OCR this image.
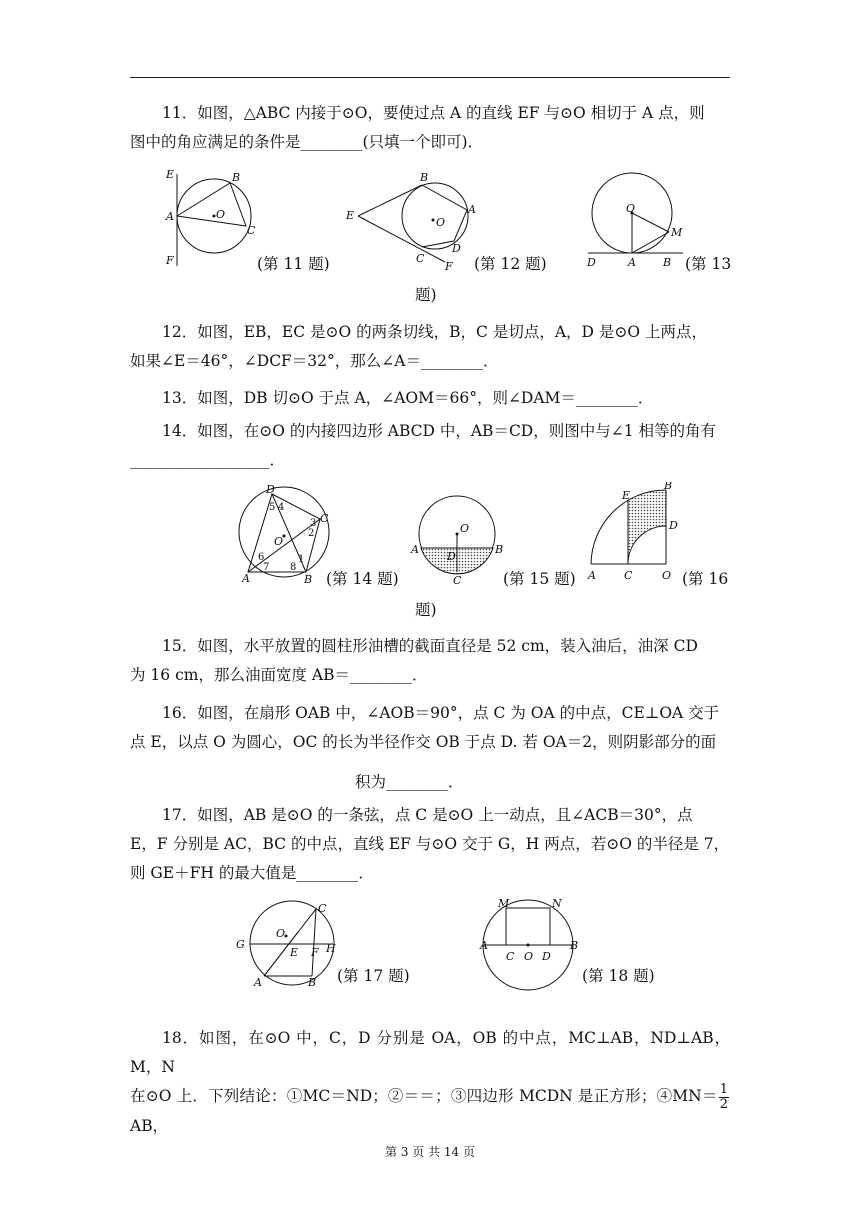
11．如图，△ABC 内接于⊙O，要使过点 A 的直线 EF 与⊙O 相切于 A 点，则
图中的角应满足的条件是________(只填一个即可)．

E	B
A	O
C
F	(第 11 题)
B
E
O
A
C
D
F (第 12 题)
O
M
D	A B (第 13
题)

12．如图，EB，EC 是⊙O 的两条切线，B，C 是切点，A，D 是⊙O 上两点，
如果∠E＝46°，∠DCF＝32°，那么∠A＝________．

13．如图，DB 切⊙O 于点 A，∠AOM＝66°，则∠DAM＝________．

14．如图，在⊙O 的内接四边形 ABCD 中，AB＝CD，则图中与∠1 相等的角有
__________________．

D
C
O
A	B
1
2
3
4
5
6
7 8
(第 14 题)
O
A
D
B
C	(第 15 题)
E
B
D
A	C	O (第 16
题)

15．如图，水平放置的圆柱形油槽的截面直径是 52 cm，装入油后，油深 CD
为 16 cm，那么油面宽度 AB＝________．

16．如图，在扇形 OAB 中，∠AOB＝90°，点 C 为 OA 的中点，CE⊥OA 交于
点 E，以点 O 为圆心，OC 的长为半径作交 OB 于点 D. 若 OA＝2，则阴影部分的面

积为________．

17．如图，AB 是⊙O 的一条弦，点 C 是⊙O 上一动点，且∠ACB＝30°，点
E，F 分别是 AC，BC 的中点，直线 EF 与⊙O 交于 G，H 两点，若⊙O 的半径是 7，
则 GE＋FH 的最大值是________．

C
G
O
E F H
A	B (第 17 题)
M	N
A
C O D
B
(第 18 题)

18．如图，在⊙O 中，C，D 分别是 OA，OB 的中点，MC⊥AB，ND⊥AB，M，N
在⊙O 上．下列结论：①MC＝ND；②＝＝；③四边形 MCDN 是正方形；④MN＝ $\frac{1}{2}$
AB，

第 3 页 共 14 页
